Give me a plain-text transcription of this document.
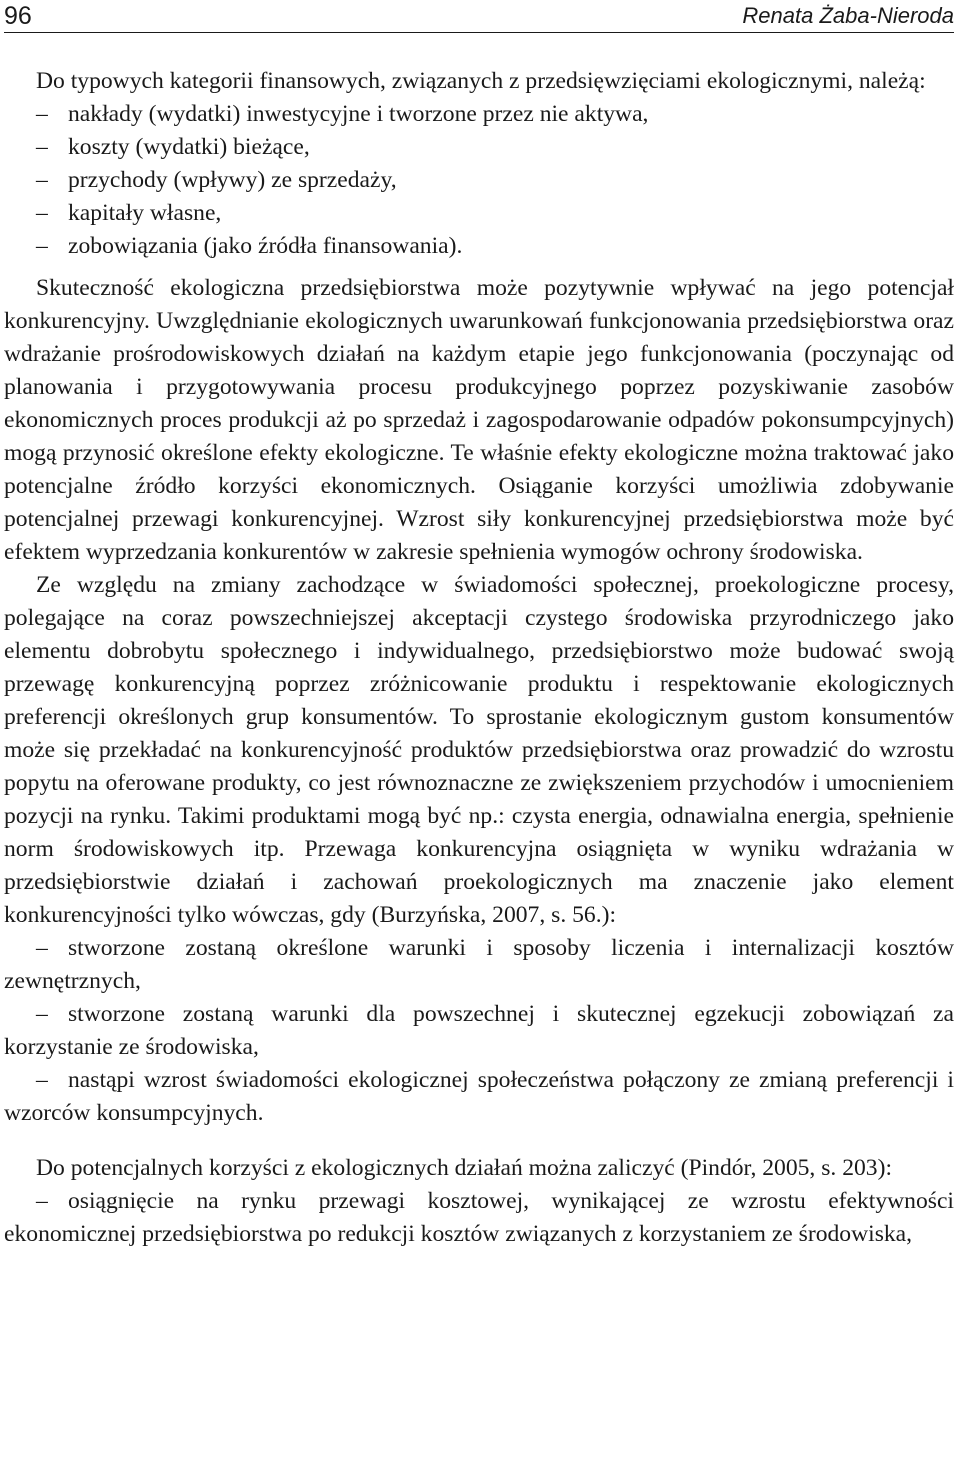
96	Renata Żaba-Nieroda

Do typowych kategorii finansowych, związanych z przedsięwzięciami ekologicznymi, należą:

– nakłady (wydatki) inwestycyjne i tworzone przez nie aktywa,
– koszty (wydatki) bieżące,
– przychody (wpływy) ze sprzedaży,
– kapitały własne,
– zobowiązania (jako źródła finansowania).

Skuteczność ekologiczna przedsiębiorstwa może pozytywnie wpływać na jego potencjał konkurencyjny. Uwzględnianie ekologicznych uwarunkowań funkcjonowania przedsiębiorstwa oraz wdrażanie prośrodowiskowych działań na każdym etapie jego funkcjonowania (poczynając od planowania i przygotowywania procesu produkcyjnego poprzez pozyskiwanie zasobów ekonomicznych proces produkcji aż po sprzedaż i zagospodarowanie odpadów pokonsumpcyjnych) mogą przynosić określone efekty ekologiczne. Te właśnie efekty ekologiczne można traktować jako potencjalne źródło korzyści ekonomicznych. Osiąganie korzyści umożliwia zdobywanie potencjalnej przewagi konkurencyjnej. Wzrost siły konkurencyjnej przedsiębiorstwa może być efektem wyprzedzania konkurentów w zakresie spełnienia wymogów ochrony środowiska.

Ze względu na zmiany zachodzące w świadomości społecznej, proekologiczne procesy, polegające na coraz powszechniejszej akceptacji czystego środowiska przyrodniczego jako elementu dobrobytu społecznego i indywidualnego, przedsiębiorstwo może budować swoją przewagę konkurencyjną poprzez zróżnicowanie produktu i respektowanie ekologicznych preferencji określonych grup konsumentów. To sprostanie ekologicznym gustom konsumentów może się przekładać na konkurencyjność produktów przedsiębiorstwa oraz prowadzić do wzrostu popytu na oferowane produkty, co jest równoznaczne ze zwiększeniem przychodów i umocnieniem pozycji na rynku. Takimi produktami mogą być np.: czysta energia, odnawialna energia, spełnienie norm środowiskowych itp. Przewaga konkurencyjna osiągnięta w wyniku wdrażania w przedsiębiorstwie działań i zachowań proekologicznych ma znaczenie jako element konkurencyjności tylko wówczas, gdy (Burzyńska, 2007, s. 56.):

– stworzone zostaną określone warunki i sposoby liczenia i internalizacji kosztów zewnętrznych,
– stworzone zostaną warunki dla powszechnej i skutecznej egzekucji zobowiązań za korzystanie ze środowiska,
– nastąpi wzrost świadomości ekologicznej społeczeństwa połączony ze zmianą preferencji i wzorców konsumpcyjnych.

Do potencjalnych korzyści z ekologicznych działań można zaliczyć (Pindór, 2005, s. 203):

– osiągnięcie na rynku przewagi kosztowej, wynikającej ze wzrostu efektywności ekonomicznej przedsiębiorstwa po redukcji kosztów związanych z korzystaniem ze środowiska,
